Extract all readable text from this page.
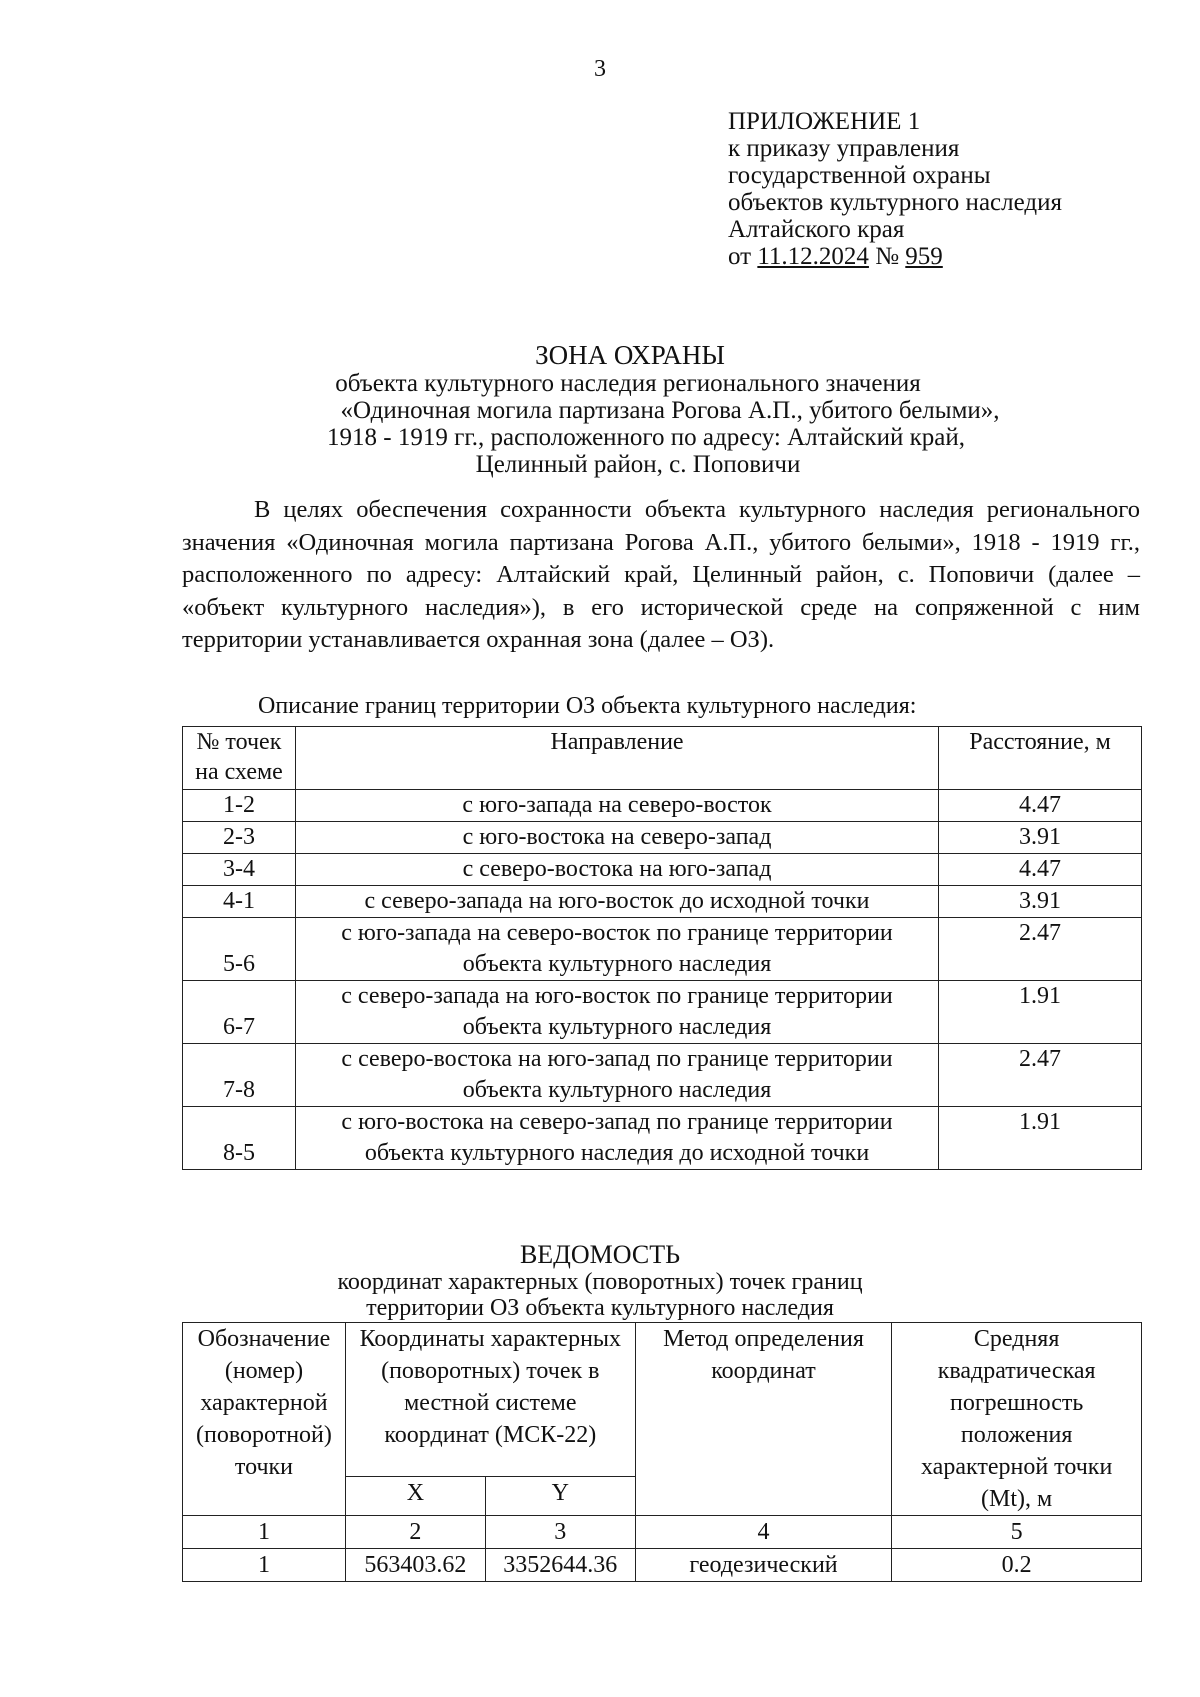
3
ПРИЛОЖЕНИЕ 1
к приказу управления
государственной охраны
объектов культурного наследия
Алтайского края
от 11.12.2024 № 959
ЗОНА ОХРАНЫ
объекта культурного наследия регионального значения
«Одиночная могила партизана Рогова А.П., убитого белыми»,
1918 - 1919 гг., расположенного по адресу: Алтайский край,
Целинный район, с. Поповичи

В целях обеспечения сохранности объекта культурного наследия регионального значения «Одиночная могила партизана Рогова А.П., убитого белыми», 1918 - 1919 гг., расположенного по адресу: Алтайский край, Целинный район, с. Поповичи (далее – «объект культурного наследия»), в его исторической среде на сопряженной с ним территории устанавливается охранная зона (далее – ОЗ).

Описание границ территории ОЗ объекта культурного наследия:
№ точек на схеме	Направление	Расстояние, м
1-2	с юго-запада на северо-восток	4.47
2-3	с юго-востока на северо-запад	3.91
3-4	с северо-востока на юго-запад	4.47
4-1	с северо-запада на юго-восток до исходной точки	3.91
5-6	с юго-запада на северо-восток по границе территории объекта культурного наследия	2.47
6-7	с северо-запада на юго-восток по границе территории объекта культурного наследия	1.91
7-8	с северо-востока на юго-запад по границе территории объекта культурного наследия	2.47
8-5	с юго-востока на северо-запад по границе территории объекта культурного наследия до исходной точки	1.91
ВЕДОМОСТЬ
координат характерных (поворотных) точек границ
территории ОЗ объекта культурного наследия
Обозначение (номер) характерной (поворотной) точки	Координаты характерных (поворотных) точек в местной системе координат (МСК-22)		Метод определения координат	Средняя квадратическая погрешность положения характерной точки (Mt), м
	X	Y		
1	2	3	4	5
1	563403.62	3352644.36	геодезический	0.2
